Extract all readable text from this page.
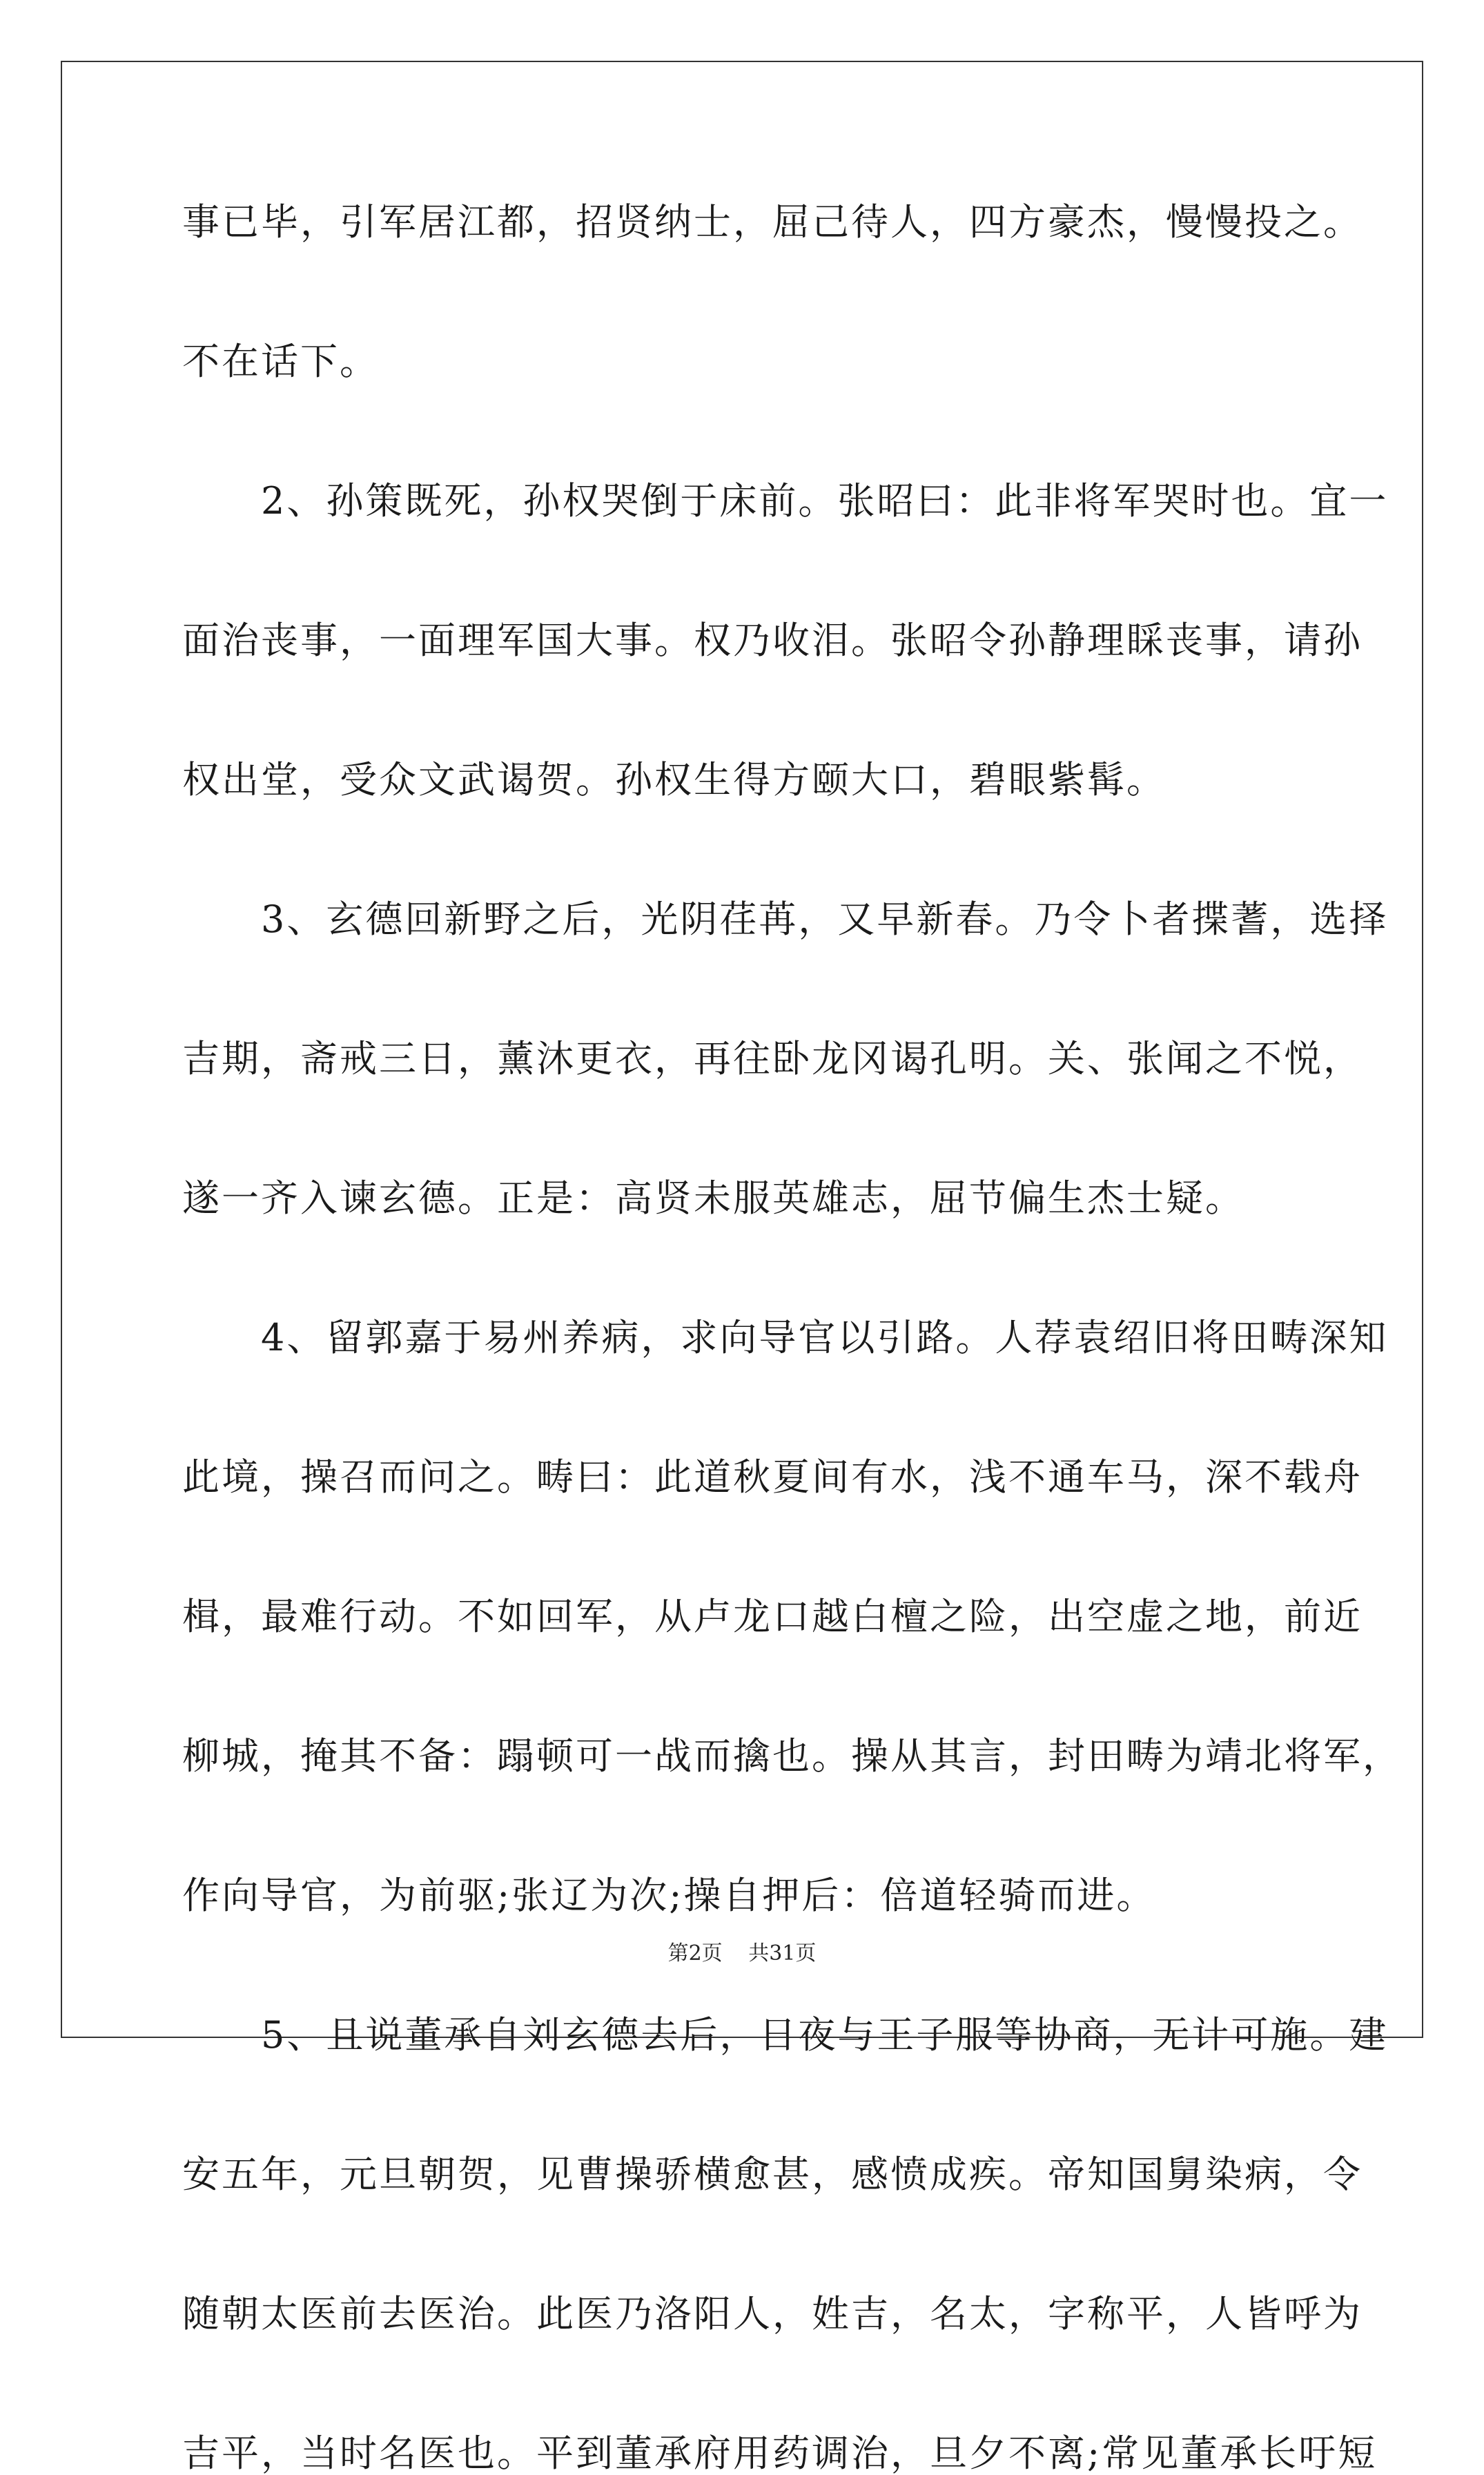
事已毕，引军居江都，招贤纳士，屈己待人，四方豪杰，慢慢投之。
不在话下。
　　2、孙策既死，孙权哭倒于床前。张昭曰：此非将军哭时也。宜一
面治丧事，一面理军国大事。权乃收泪。张昭令孙静理睬丧事，请孙
权出堂，受众文武谒贺。孙权生得方颐大口，碧眼紫髯。
　　3、玄德回新野之后，光阴荏苒，又早新春。乃令卜者揲蓍，选择
吉期，斋戒三日，薰沐更衣，再往卧龙冈谒孔明。关、张闻之不悦，
遂一齐入谏玄德。正是：高贤未服英雄志，屈节偏生杰士疑。
　　4、留郭嘉于易州养病，求向导官以引路。人荐袁绍旧将田畴深知
此境，操召而问之。畴曰：此道秋夏间有水，浅不通车马，深不载舟
楫，最难行动。不如回军，从卢龙口越白檀之险，出空虚之地，前近
柳城，掩其不备：蹋顿可一战而擒也。操从其言，封田畴为靖北将军，
作向导官，为前驱;张辽为次;操自押后：倍道轻骑而进。
　　5、且说董承自刘玄德去后，日夜与王子服等协商，无计可施。建
安五年，元旦朝贺，见曹操骄横愈甚，感愤成疾。帝知国舅染病，令
随朝太医前去医治。此医乃洛阳人，姓吉，名太，字称平，人皆呼为
吉平，当时名医也。平到董承府用药调治，旦夕不离;常见董承长吁短
第2页 共31页
